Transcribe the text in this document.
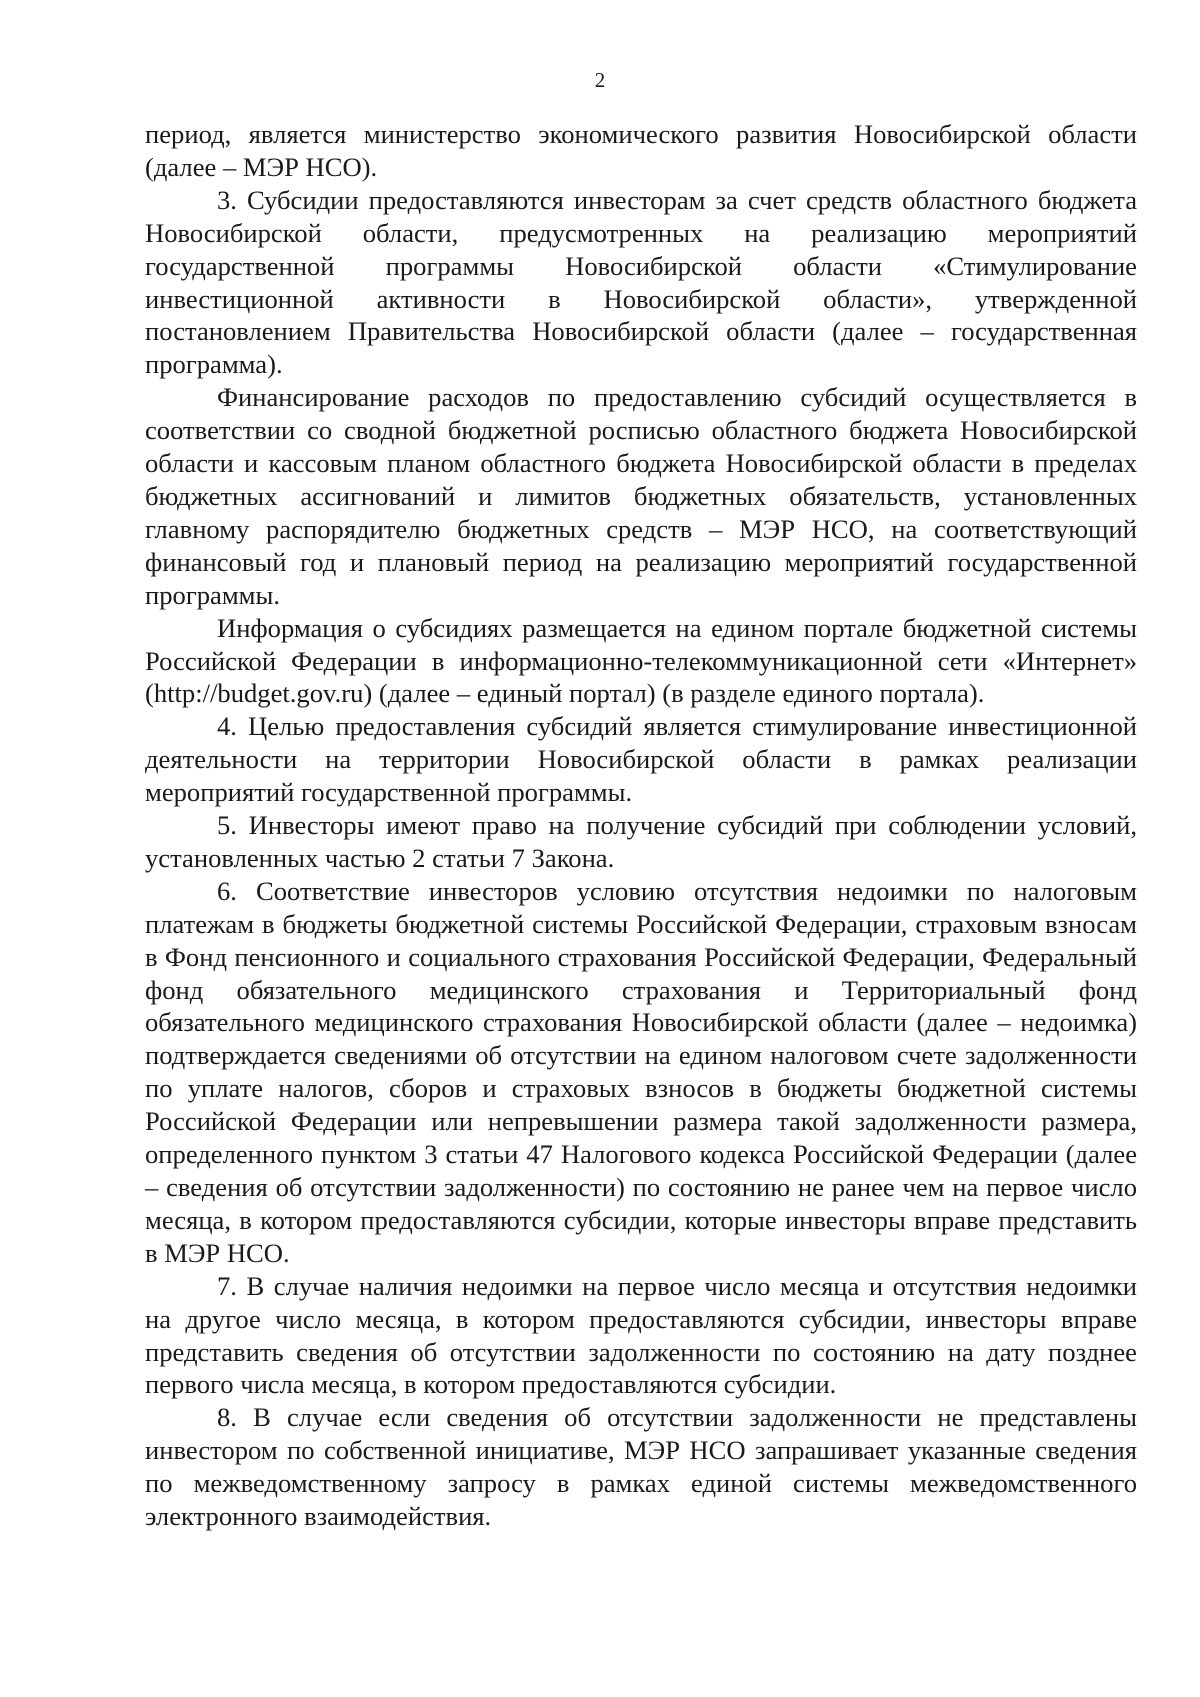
2

период, является министерство экономического развития Новосибирской области (далее – МЭР НСО).

3. Субсидии предоставляются инвесторам за счет средств областного бюджета Новосибирской области, предусмотренных на реализацию мероприятий государственной программы Новосибирской области «Стимулирование инвестиционной активности в Новосибирской области», утвержденной постановлением Правительства Новосибирской области (далее – государственная программа).

Финансирование расходов по предоставлению субсидий осуществляется в соответствии со сводной бюджетной росписью областного бюджета Новосибирской области и кассовым планом областного бюджета Новосибирской области в пределах бюджетных ассигнований и лимитов бюджетных обязательств, установленных главному распорядителю бюджетных средств – МЭР НСО, на соответствующий финансовый год и плановый период на реализацию мероприятий государственной программы.

Информация о субсидиях размещается на едином портале бюджетной системы Российской Федерации в информационно-телекоммуникационной сети «Интернет» (http://budget.gov.ru) (далее – единый портал) (в разделе единого портала).

4. Целью предоставления субсидий является стимулирование инвестиционной деятельности на территории Новосибирской области в рамках реализации мероприятий государственной программы.

5. Инвесторы имеют право на получение субсидий при соблюдении условий, установленных частью 2 статьи 7 Закона.

6. Соответствие инвесторов условию отсутствия недоимки по налоговым платежам в бюджеты бюджетной системы Российской Федерации, страховым взносам в Фонд пенсионного и социального страхования Российской Федерации, Федеральный фонд обязательного медицинского страхования и Территориальный фонд обязательного медицинского страхования Новосибирской области (далее – недоимка) подтверждается сведениями об отсутствии на едином налоговом счете задолженности по уплате налогов, сборов и страховых взносов в бюджеты бюджетной системы Российской Федерации или непревышении размера такой задолженности размера, определенного пунктом 3 статьи 47 Налогового кодекса Российской Федерации (далее – сведения об отсутствии задолженности) по состоянию не ранее чем на первое число месяца, в котором предоставляются субсидии, которые инвесторы вправе представить в МЭР НСО.

7. В случае наличия недоимки на первое число месяца и отсутствия недоимки на другое число месяца, в котором предоставляются субсидии, инвесторы вправе представить сведения об отсутствии задолженности по состоянию на дату позднее первого числа месяца, в котором предоставляются субсидии.

8. В случае если сведения об отсутствии задолженности не представлены инвестором по собственной инициативе, МЭР НСО запрашивает указанные сведения по межведомственному запросу в рамках единой системы межведомственного электронного взаимодействия.
